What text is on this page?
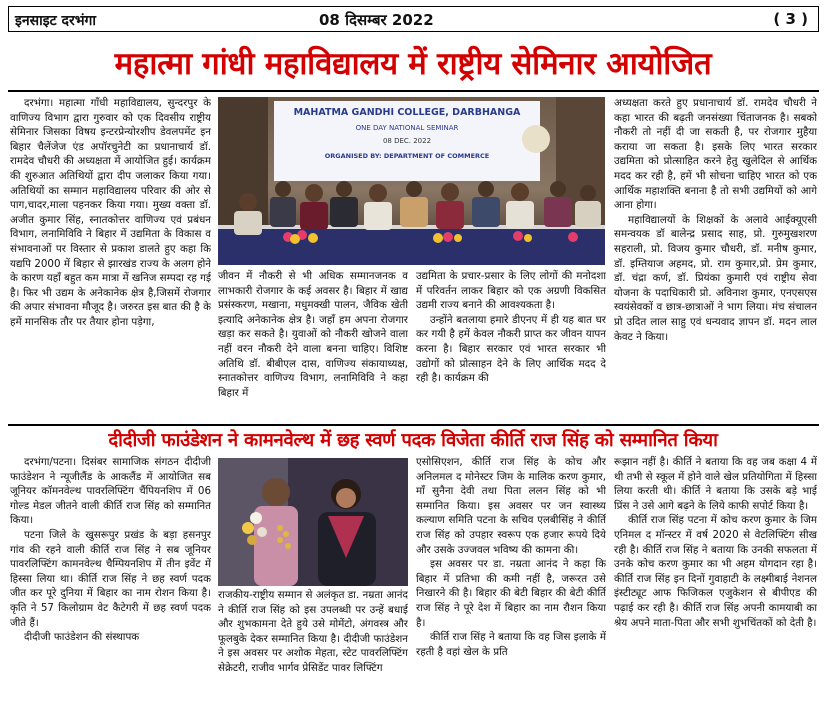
इनसाइट दरभंगा	08 दिसम्बर 2022	( 3 )
महात्मा गांधी महाविद्यालय में राष्ट्रीय सेमिनार आयोजित

दरभंगा। महात्मा गाँधी महाविद्यालय, सुन्दरपुर के वाणिज्य विभाग द्वारा गुरुवार को एक दिवसीय राष्ट्रीय सेमिनार जिसका विषय इन्टरप्रेन्योरशीप डेवलपमेंट इन बिहार चैलेंजेज एंड अपॉरचुनेटी का प्रधानाचार्य डॉ. रामदेव चौधरी की अध्यक्षता में आयोजित हुई। कार्यक्रम की शुरुआत अतिथियों द्वारा दीप जलाकर किया गया। अतिथियों का सम्मान महाविद्यालय परिवार की ओर से पाग,चादर,माला पहनकर किया गया। मुख्य वक्ता डॉ. अजीत कुमार सिंह, स्नातकोत्तर वाणिज्य एवं प्रबंधन विभाग, लनामिविवि ने बिहार में उद्यमिता के विकास व संभावनाओं पर विस्तार से प्रकाश डालते हुए कहा कि यद्यपि 2000 में बिहार से झारखंड राज्य के अलग होने के कारण यहाँ बहुत कम मात्रा में खनिज सम्पदा रह गई है। फिर भी उद्यम के अनेकानेक क्षेत्र है,जिसमें रोजगार की अपार संभावना मौजूद है। जरुरत इस बात की है के हमें मानसिक तौर पर तैयार होना पड़ेगा,

MAHATMA GANDHI COLLEGE, DARBHANGA
ONE DAY NATIONAL SEMINAR
08 DEC. 2022
ORGANISED BY: DEPARTMENT OF COMMERCE

जीवन में नौकरी से भी अधिक सम्मानजनक व लाभकारी रोजगार के कई अवसर है। बिहार में खाद्य प्रसंस्करण, मखाना, मधुमक्खी पालन, जैविक खेती इत्यादि अनेकानेक क्षेत्र है। जहाँ हम अपना रोजगार खड़ा कर सकते है। युवाओं को नौकरी खोजने वाला नहीं वरन नौकरी देने वाला बनना चाहिए। विशिष्ट अतिथि डॉ. बीबीएल दास, वाणिज्य संकायाध्यक्ष, स्नातकोत्तर वाणिज्य विभाग, लनामिविवि ने कहा बिहार में

उद्यमिता के प्रचार-प्रसार के लिए लोगों की मनोदशा में परिवर्तन लाकर बिहार को एक अग्रणी विकसित उद्यमी राज्य बनाने की आवश्यकता है।

उन्होंने बतलाया हमारे डीएनए में ही यह बात घर कर गयी है हमें केवल नौकरी प्राप्त कर जीवन यापन करना है। बिहार सरकार एवं भारत सरकार भी उद्योगों को प्रोत्साहन देने के लिए आर्थिक मदद दे रही है। कार्यक्रम की

अध्यक्षता करते हुए प्रधानाचार्य डॉ. रामदेव चौधरी ने कहा भारत की बढ़ती जनसंख्या चिंताजनक है। सबको नौकरी तो नहीं दी जा सकती है, पर रोजगार मुहैया कराया जा सकता है। इसके लिए भारत सरकार उद्यमिता को प्रोत्साहित करने हेतु खुलेदिल से आर्थिक मदद कर रही है, हमें भी सोचना चाहिए भारत को एक आर्थिक महाशक्ति बनाना है तो सभी उद्यमियों को आगे आना होगा।

महाविद्यालयों के शिक्षकों के अलावे आईक्यूएसी समन्वयक डॉ बालेन्द्र प्रसाद साह, प्रो. गुरुमुखशरण सहराली, प्रो. विजय कुमार चौधरी, डॉ. मनीष कुमार, डॉ. इम्तियाज अहमद, प्रो. राम कुमार,प्रो. प्रेम कुमार, डॉ. चंद्रा कर्ण, डॉ. प्रियंका कुमारी एवं राष्ट्रीय सेवा योजना के पदाधिकारी प्रो. अविनाश कुमार, एनएसएस स्वयंसेवकों व छात्र-छात्राओं ने भाग लिया। मंच संचालन प्रो उदित लाल साहु एवं धन्यवाद ज्ञापन डॉ. मदन लाल केवट ने किया।

दीदीजी फाउंडेशन ने कामनवेल्थ में छह स्वर्ण पदक विजेता कीर्ति राज सिंह को सम्मानित किया

दरभंगा/पटना। दिसंबर सामाजिक संगठन दीदीजी फाउंडेशन ने न्यूजीलैंड के आकलैंड में आयोजित सब जूनियर कॉमनवेल्थ पावरलिफ्टिंग चैंपियनशिप में 06 गोल्ड मेडल जीतने वाली कीर्ति राज सिंह को सम्मानित किया।

पटना जिले के खुसरूपुर प्रखंड के बड़ा हसनपुर गांव की रहने वाली कीर्ति राज सिंह ने सब जूनियर पावरलिफ्टिंग कामनवेल्थ चैम्पियनशिप में तीन इवेंट में हिस्सा लिया था। कीर्ति राज सिंह ने छह स्वर्ण पदक जीत कर पूरे दुनिया में बिहार का नाम रोशन किया है। कृति ने 57 किलोग्राम वेट कैटेगरी में छह स्वर्ण पदक जीते हैं।

दीदीजी फाउंडेशन की संस्थापक

राजकीय-राष्ट्रीय सम्मान से अलंकृत डा. नम्रता आनंद ने कीर्ति राज सिंह को इस उपलब्धी पर उन्हें बधाई और शुभकामना देते हुये उसे मोमेंटो, अंगवस्त्र और फूलबुके देकर सम्मानित किया है। दीदीजी फाउंडेशन ने इस अवसर पर अशोक मेहता, स्टेट पावरलिफ्टिंग सेक्रेटरी, राजीव भार्गव प्रेसिडेंट पावर लिफ्टिंग

एसोसिएशन, कीर्ति राज सिंह के कोच और अनिलमल द मोनेस्टर जिम के मालिक करण कुमार, माँ सुनैना देवी तथा पिता ललन सिंह को भी सम्मानित किया। इस अवसर पर जन स्वास्थ्य कल्याण समिति पटना के सचिव एलबीसिंह ने कीर्ति राज सिंह को उपहार स्वरूप एक हजार रूपये दिये और उसके उज्जवल भविष्य की कामना की।

इस अवसर पर डा. नम्रता आनंद ने कहा कि बिहार में प्रतिभा की कमी नहीं है, जरूरत उसे निखारने की है। बिहार की बेटी बिहार की बेटी कीर्ति राज सिंह ने पूरे देश में बिहार का नाम रौशन किया है।

कीर्ति राज सिंह ने बताया कि वह जिस इलाके में रहती है वहां खेल के प्रति

रूझान नहीं है। कीर्ति ने बताया कि वह जब कक्षा 4 में थी तभी से स्कूल में होने वाले खेल प्रतियोगिता में हिस्सा लिया करती थी। कीर्ति ने बताया कि उसके बड़े भाई प्रिंस ने उसे आगे बढ़ने के लिये काफी सपोर्ट किया है।

कीर्ति राज सिंह पटना में कोच करण कुमार के जिम एनिमल द मॉन्स्टर में वर्ष 2020 से वेटलिफ्टिंग सीख रही है। कीर्ति राज सिंह ने बताया कि उनकी सफलता में उनके कोच करण कुमार का भी अहम योगदान रहा है। कीर्ति राज सिंह इन दिनों गुवाहाटी के लक्ष्मीबाई नेशनल इंस्टीट्यूट आफ फिजिकल एजुकेशन से बीपीएड की पढ़ाई कर रही है। कीर्ति राज सिंह अपनी कामयाबी का श्रेय अपने माता-पिता और सभी शुभचिंतकों को देती है।
